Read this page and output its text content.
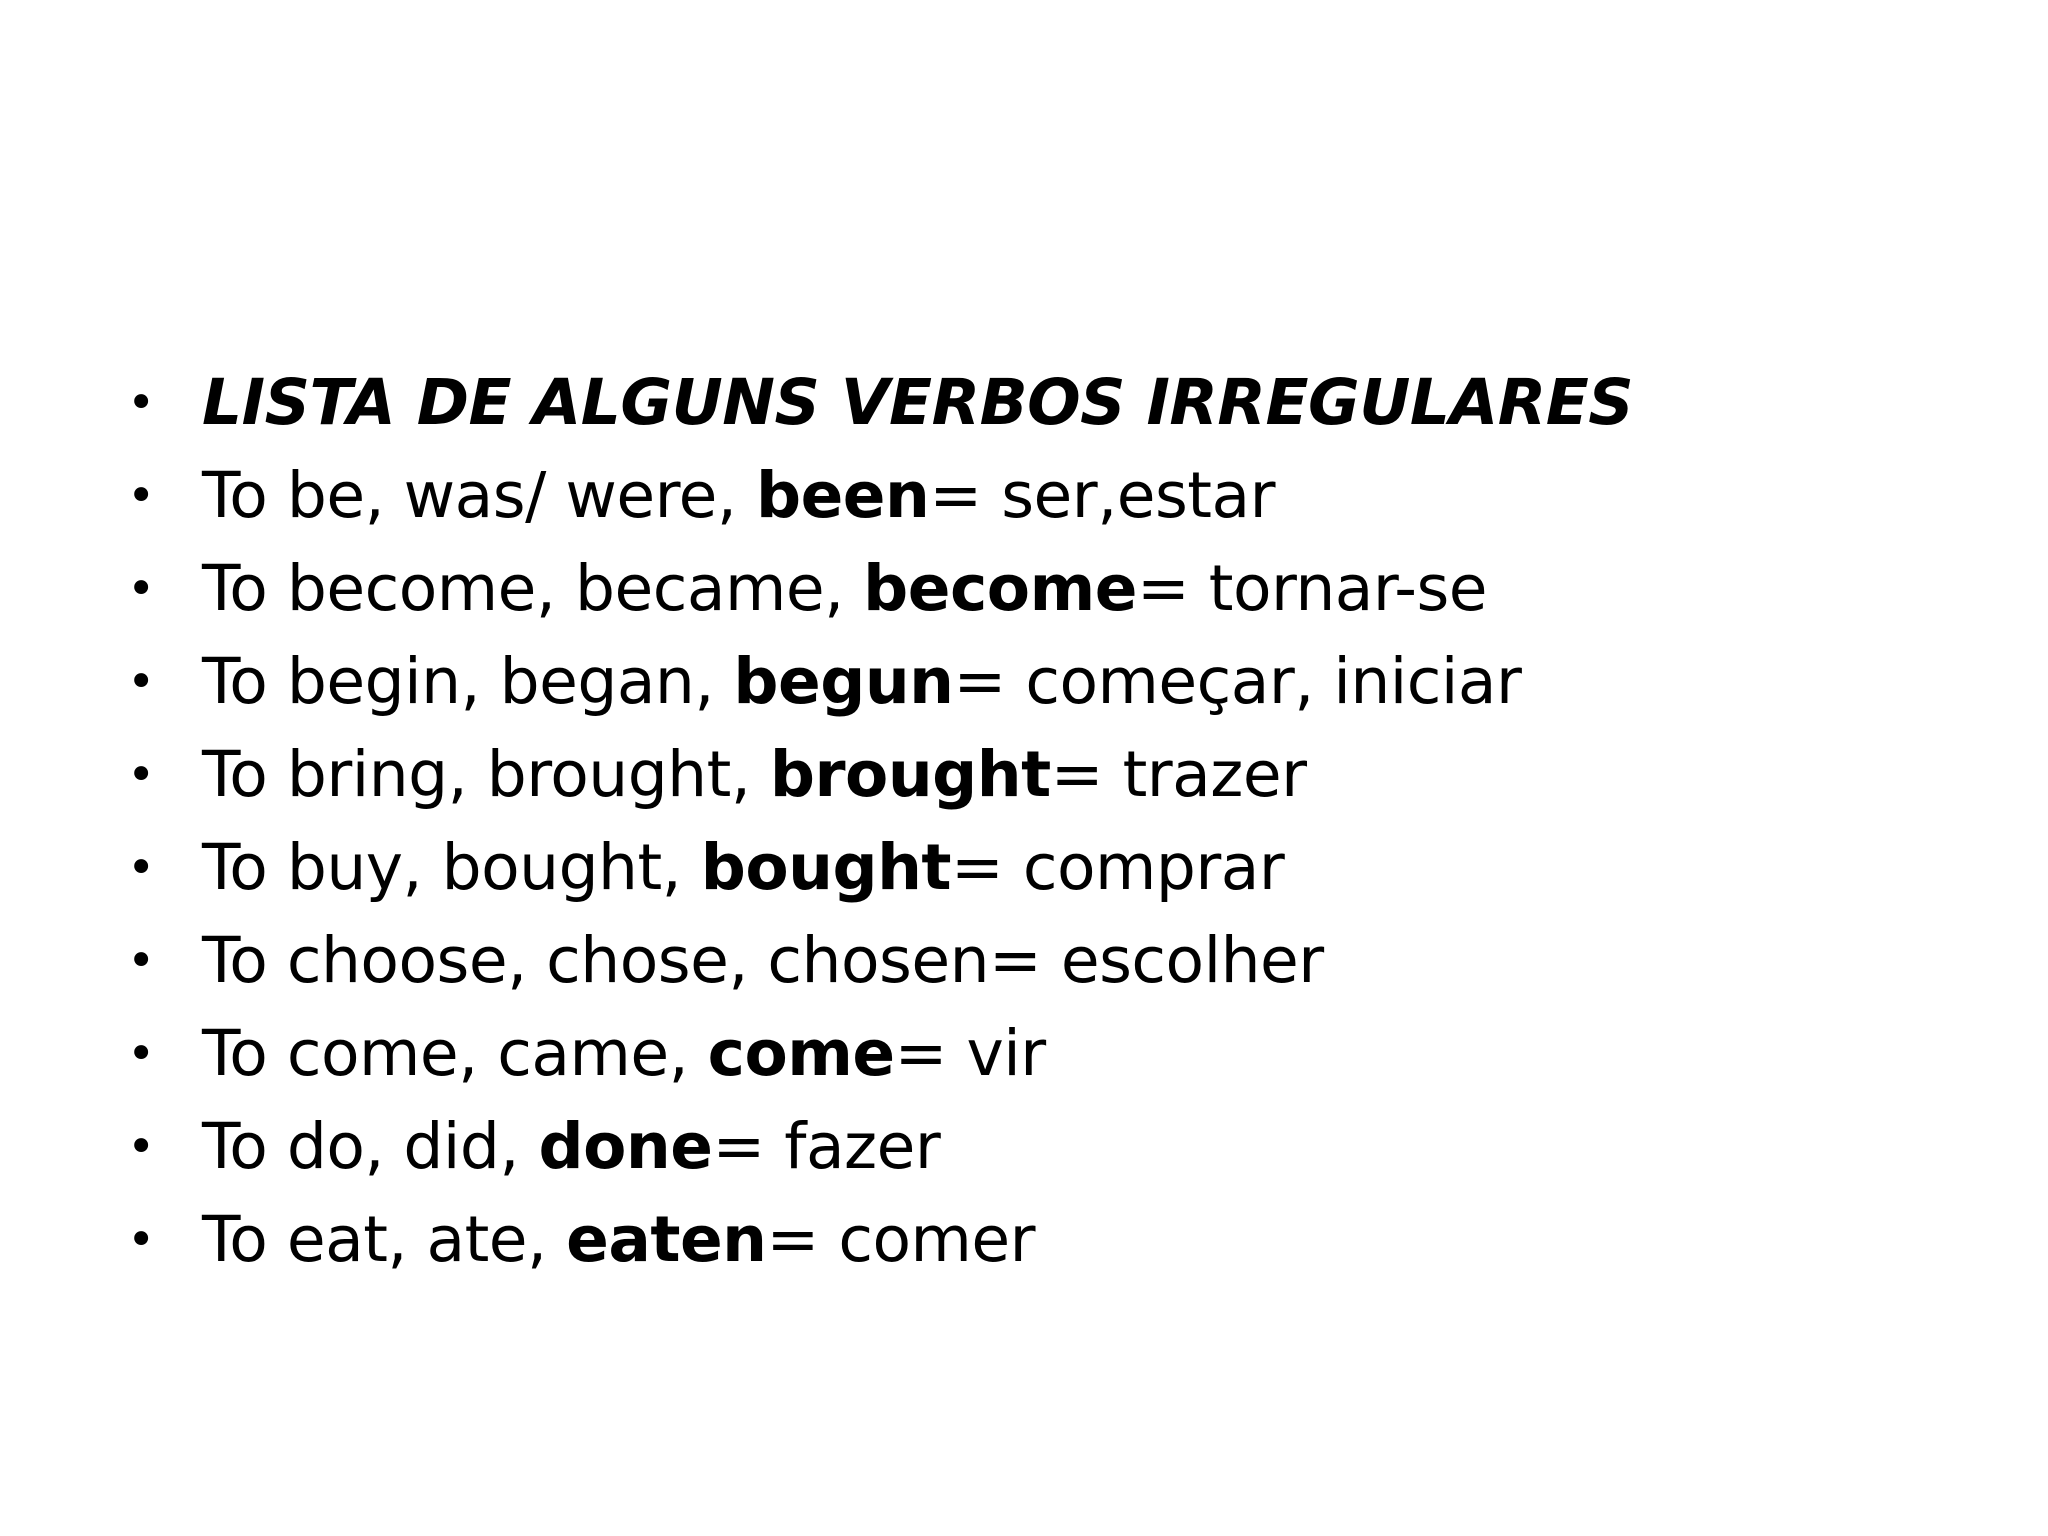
• LISTA DE ALGUNS VERBOS IRREGULARES
• To be, was/ were, been= ser,estar
• To become, became, become= tornar-se
• To begin, began, begun= começar, iniciar
• To bring, brought, brought= trazer
• To buy, bought, bought= comprar
• To choose, chose, chosen= escolher
• To come, came, come= vir
• To do, did, done= fazer
• To eat, ate, eaten= comer
